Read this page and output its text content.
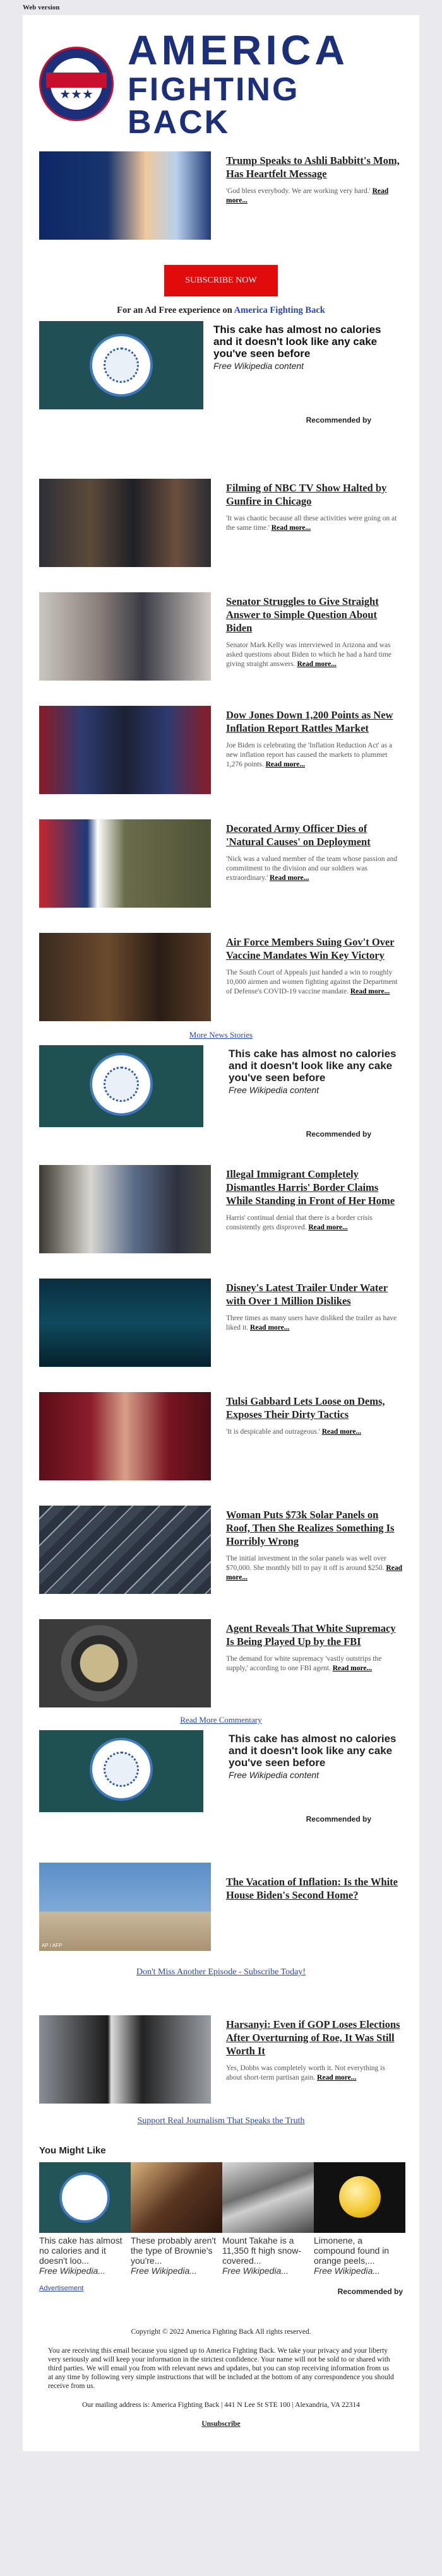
Web version
★★★
AMERICA
FIGHTING BACK
Trump Speaks to Ashli Babbitt's Mom, Has Heartfelt Message

'God bless everybody. We are working very hard.' Read more...

SUBSCRIBE NOW
For an Ad Free experience on America Fighting Back
This cake has almost no calories and it doesn't look like any cake you've seen before
Free Wikipedia content
Recommended by
Filming of NBC TV Show Halted by Gunfire in Chicago

'It was chaotic because all these activities were going on at the same time.' Read more...

Senator Struggles to Give Straight Answer to Simple Question About Biden

Senator Mark Kelly was interviewed in Arizona and was asked questions about Biden to which he had a hard time giving straight answers. Read more...

Dow Jones Down 1,200 Points as New Inflation Report Rattles Market

Joe Biden is celebrating the 'Inflation Reduction Act' as a new inflation report has caused the markets to plummet 1,276 points. Read more...

Decorated Army Officer Dies of 'Natural Causes' on Deployment

'Nick was a valued member of the team whose passion and commitment to the division and our soldiers was extraordinary.' Read more...

Air Force Members Suing Gov't Over Vaccine Mandates Win Key Victory

The South Court of Appeals just handed a win to roughly 10,000 airmen and women fighting against the Department of Defense's COVID-19 vaccine mandate. Read more...

More News Stories
This cake has almost no calories and it doesn't look like any cake you've seen before
Free Wikipedia content
Recommended by
Illegal Immigrant Completely Dismantles Harris' Border Claims While Standing in Front of Her Home

Harris' continual denial that there is a border crisis consistently gets disproved. Read more...

Disney's Latest Trailer Under Water with Over 1 Million Dislikes

Three times as many users have disliked the trailer as have liked it. Read more...

Tulsi Gabbard Lets Loose on Dems, Exposes Their Dirty Tactics

'It is despicable and outrageous.' Read more...

Woman Puts $73k Solar Panels on Roof, Then She Realizes Something Is Horribly Wrong

The initial investment in the solar panels was well over $70,000. She monthly bill to pay it off is around $250. Read more...

Agent Reveals That White Supremacy Is Being Played Up by the FBI

The demand for white supremacy 'vastly outstrips the supply,' according to one FBI agent. Read more...

Read More Commentary
This cake has almost no calories and it doesn't look like any cake you've seen before
Free Wikipedia content
Recommended by
AP / AFP
The Vacation of Inflation: Is the White House Biden's Second Home?
Don't Miss Another Episode - Subscribe Today!
Harsanyi: Even if GOP Loses Elections After Overturning of Roe, It Was Still Worth It

Yes, Dobbs was completely worth it. Not everything is about short-term partisan gain. Read more...

Support Real Journalism That Speaks the Truth
You Might Like

This cake has almost no calories and it doesn't loo...

Free Wikipedia...

These probably aren't the type of Brownie's you're...

Free Wikipedia...

Mount Takahe is a 11,350 ft high snow-covered...

Free Wikipedia...

Limonene, a compound found in orange peels,...

Free Wikipedia...
Advertisement	Recommended by

Copyright © 2022 America Fighting Back All rights reserved.

You are receiving this email because you signed up to America Fighting Back. We take your privacy and your liberty very seriously and will keep your information in the strictest confidence. Your name will not be sold to or shared with third parties. We will email you from with relevant news and updates, but you can stop receiving information from us at any time by following very simple instructions that will be included at the bottom of any correspondence you should receive from us.

Our mailing address is: America Fighting Back | 441 N Lee St STE 100 | Alexandria, VA 22314

Unsubscribe
